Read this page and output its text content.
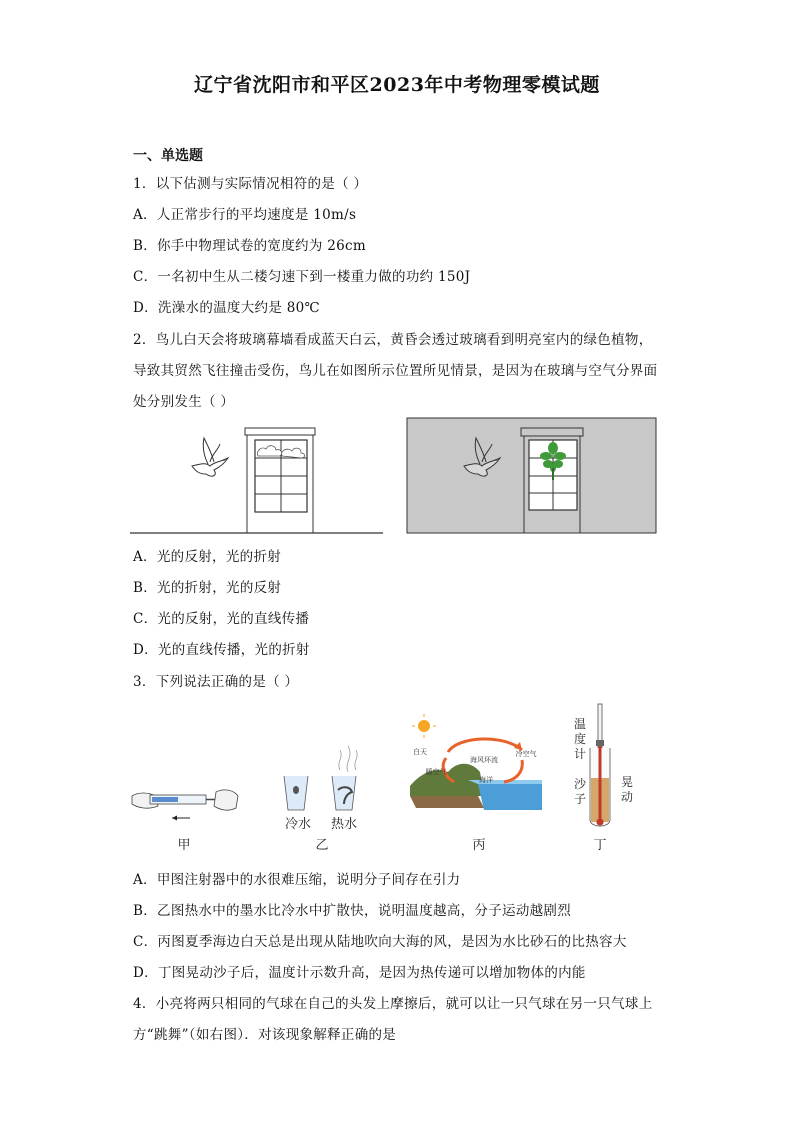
辽宁省沈阳市和平区2023年中考物理零模试题
一、单选题
1．以下估测与实际情况相符的是（ ）
A．人正常步行的平均速度是 10m/s
B．你手中物理试卷的宽度约为 26cm
C．一名初中生从二楼匀速下到一楼重力做的功约 150J
D．洗澡水的温度大约是 80℃
2．鸟儿白天会将玻璃幕墙看成蓝天白云，黄昏会透过玻璃看到明亮室内的绿色植物，
导致其贸然飞往撞击受伤，鸟儿在如图所示位置所见情景，是因为在玻璃与空气分界面
处分别发生（ ）
A．光的反射，光的折射
B．光的折射，光的反射
C．光的反射，光的直线传播
D．光的直线传播，光的折射
3．下列说法正确的是（ ）
甲
冷水 热水
乙
白天	冷空气
海风环流
暖空气
海洋
丙
温
度
计
沙
子
晃
动
丁
A．甲图注射器中的水很难压缩，说明分子间存在引力
B．乙图热水中的墨水比冷水中扩散快，说明温度越高，分子运动越剧烈
C．丙图夏季海边白天总是出现从陆地吹向大海的风，是因为水比砂石的比热容大
D．丁图晃动沙子后，温度计示数升高，是因为热传递可以增加物体的内能
4．小亮将两只相同的气球在自己的头发上摩擦后，就可以让一只气球在另一只气球上
方“跳舞”（如右图）．对该现象解释正确的是
